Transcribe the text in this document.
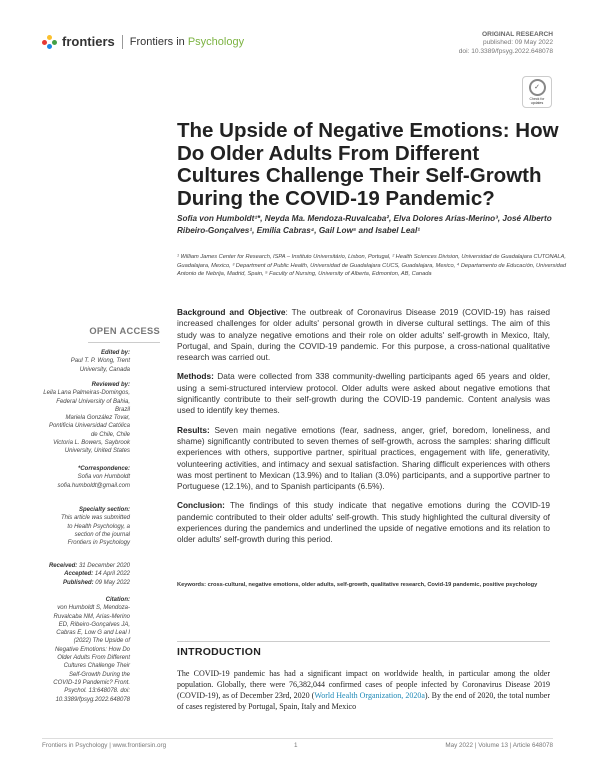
frontiers Frontiers in Psychology
ORIGINAL RESEARCH
published: 09 May 2022
doi: 10.3389/fpsyg.2022.648078
✓
Check for
updates
The Upside of Negative Emotions: How Do Older Adults From Different Cultures Challenge Their Self-Growth During the COVID-19 Pandemic?
Sofia von Humboldt¹*, Neyda Ma. Mendoza-Ruvalcaba², Elva Dolores Arias-Merino³, José Alberto Ribeiro-Gonçalves¹, Emília Cabras⁴, Gail Low⁵ and Isabel Leal¹
¹ William James Center for Research, ISPA – Instituto Universitário, Lisbon, Portugal, ² Health Sciences Division, Universidad de Guadalajara CUTONALA, Guadalajara, Mexico, ³ Department of Public Health, Universidad de Guadalajara CUCS, Guadalajara, Mexico, ⁴ Departamento de Educación, Universidad Antonio de Nebrija, Madrid, Spain, ⁵ Faculty of Nursing, University of Alberta, Edmonton, AB, Canada

Background and Objective: The outbreak of Coronavirus Disease 2019 (COVID-19) has raised increased challenges for older adults' personal growth in diverse cultural settings. The aim of this study was to analyze negative emotions and their role on older adults' self-growth in Mexico, Italy, Portugal, and Spain, during the COVID-19 pandemic. For this purpose, a cross-national qualitative research was carried out.

Methods: Data were collected from 338 community-dwelling participants aged 65 years and older, using a semi-structured interview protocol. Older adults were asked about negative emotions that significantly contribute to their self-growth during the COVID-19 pandemic. Content analysis was used to identify key themes.

Results: Seven main negative emotions (fear, sadness, anger, grief, boredom, loneliness, and shame) significantly contributed to seven themes of self-growth, across the samples: sharing difficult experiences with others, supportive partner, spiritual practices, engagement with life, generativity, volunteering activities, and intimacy and sexual satisfaction. Sharing difficult experiences with others was most pertinent to Mexican (13.9%) and to Italian (3.0%) participants, and a supportive partner to Portuguese (12.1%), and to Spanish participants (6.5%).

Conclusion: The findings of this study indicate that negative emotions during the COVID-19 pandemic contributed to their older adults' self-growth. This study highlighted the cultural diversity of experiences during the pandemics and underlined the upside of negative emotions and its relation to older adults' self-growth during this period.

Keywords: cross-cultural, negative emotions, older adults, self-growth, qualitative research, Covid-19 pandemic, positive psychology
INTRODUCTION
The COVID-19 pandemic has had a significant impact on worldwide health, in particular among the older population. Globally, there were 76,382,044 confirmed cases of people infected by Coronavirus Disease 2019 (COVID-19), as of December 23rd, 2020 (World Health Organization, 2020a). By the end of 2020, the total number of cases registered by Portugal, Spain, Italy and Mexico
OPEN ACCESS
Edited by:
Paul T. P. Wong, Trent University, Canada
Reviewed by:
Leila Lana Palmeiras-Domingos, Federal University of Bahia, Brazil
Mariela González Tovar, Pontificia Universidad Católica de Chile, Chile
Victoria L. Bowers, Saybrook University, United States
*Correspondence:
Sofia von Humboldt
sofia.humboldt@gmail.com
Specialty section:
This article was submitted to Health Psychology, a section of the journal Frontiers in Psychology
Received: 31 December 2020
Accepted: 14 April 2022
Published: 09 May 2022
Citation:
von Humboldt S, Mendoza-Ruvalcaba NM, Arias-Merino ED, Ribeiro-Gonçalves JA, Cabras E, Low G and Leal I (2022) The Upside of Negative Emotions: How Do Older Adults From Different Cultures Challenge Their Self-Growth During the COVID-19 Pandemic? Front. Psychol. 13:648078. doi: 10.3389/fpsyg.2022.648078
Frontiers in Psychology | www.frontiersin.org	1	May 2022 | Volume 13 | Article 648078
